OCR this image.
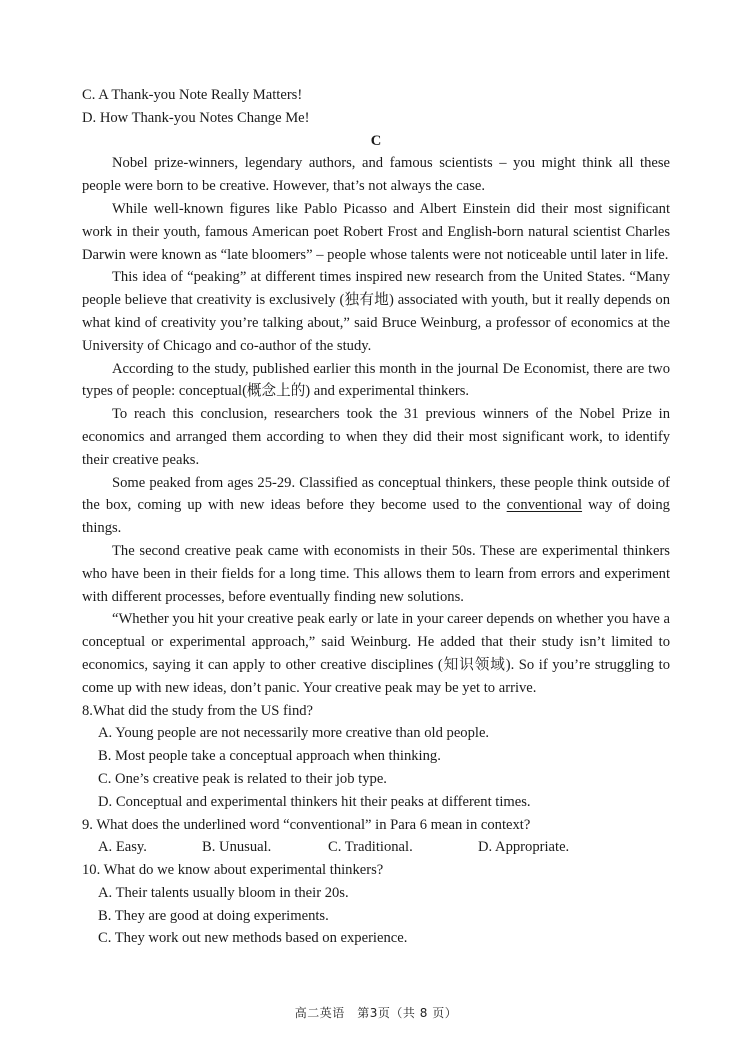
C. A Thank-you Note Really Matters!
D. How Thank-you Notes Change Me!
C

Nobel prize-winners, legendary authors, and famous scientists – you might think all these people were born to be creative. However, that’s not always the case.

While well-known figures like Pablo Picasso and Albert Einstein did their most significant work in their youth, famous American poet Robert Frost and English-born natural scientist Charles Darwin were known as “late bloomers” – people whose talents were not noticeable until later in life.

This idea of “peaking” at different times inspired new research from the United States. “Many people believe that creativity is exclusively (独有地) associated with youth, but it really depends on what kind of creativity you’re talking about,” said Bruce Weinburg, a professor of economics at the University of Chicago and co-author of the study.

According to the study, published earlier this month in the journal De Economist, there are two types of people: conceptual(概念上的) and experimental thinkers.

To reach this conclusion, researchers took the 31 previous winners of the Nobel Prize in economics and arranged them according to when they did their most significant work, to identify their creative peaks.

Some peaked from ages 25-29. Classified as conceptual thinkers, these people think outside of the box, coming up with new ideas before they become used to the conventional way of doing things.

The second creative peak came with economists in their 50s. These are experimental thinkers who have been in their fields for a long time. This allows them to learn from errors and experiment with different processes, before eventually finding new solutions.

“Whether you hit your creative peak early or late in your career depends on whether you have a conceptual or experimental approach,” said Weinburg. He added that their study isn’t limited to economics, saying it can apply to other creative disciplines (知识领域). So if you’re struggling to come up with new ideas, don’t panic. Your creative peak may be yet to arrive.

8.What did the study from the US find?
A. Young people are not necessarily more creative than old people.
B. Most people take a conceptual approach when thinking.
C. One’s creative peak is related to their job type.
D. Conceptual and experimental thinkers hit their peaks at different times.
9. What does the underlined word “conventional” in Para 6 mean in context?
A. Easy.	B. Unusual.	C. Traditional.	D. Appropriate.
10. What do we know about experimental thinkers?
A. Their talents usually bloom in their 20s.
B. They are good at doing experiments.
C. They work out new methods based on experience.
高二英语　第3页（共 8 页）
